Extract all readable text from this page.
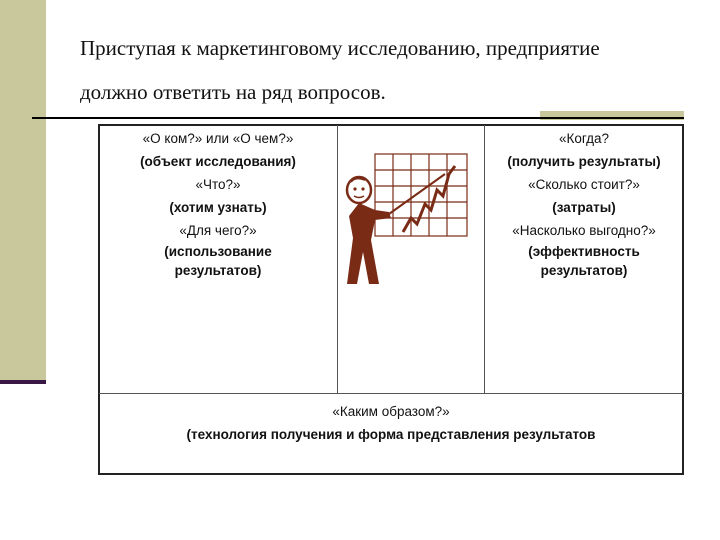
Приступая к маркетинговому исследованию, предприятие
должно ответить на ряд вопросов.
«О ком?» или «О чем?»
(объект исследования)
«Что?»
(хотим узнать)
«Для чего?»
(использование
результатов)
«Когда?
(получить результаты)
«Сколько стоит?»
(затраты)
«Насколько выгодно?»
(эффективность
результатов)
«Каким образом?»
(технология получения и форма представления результатов
